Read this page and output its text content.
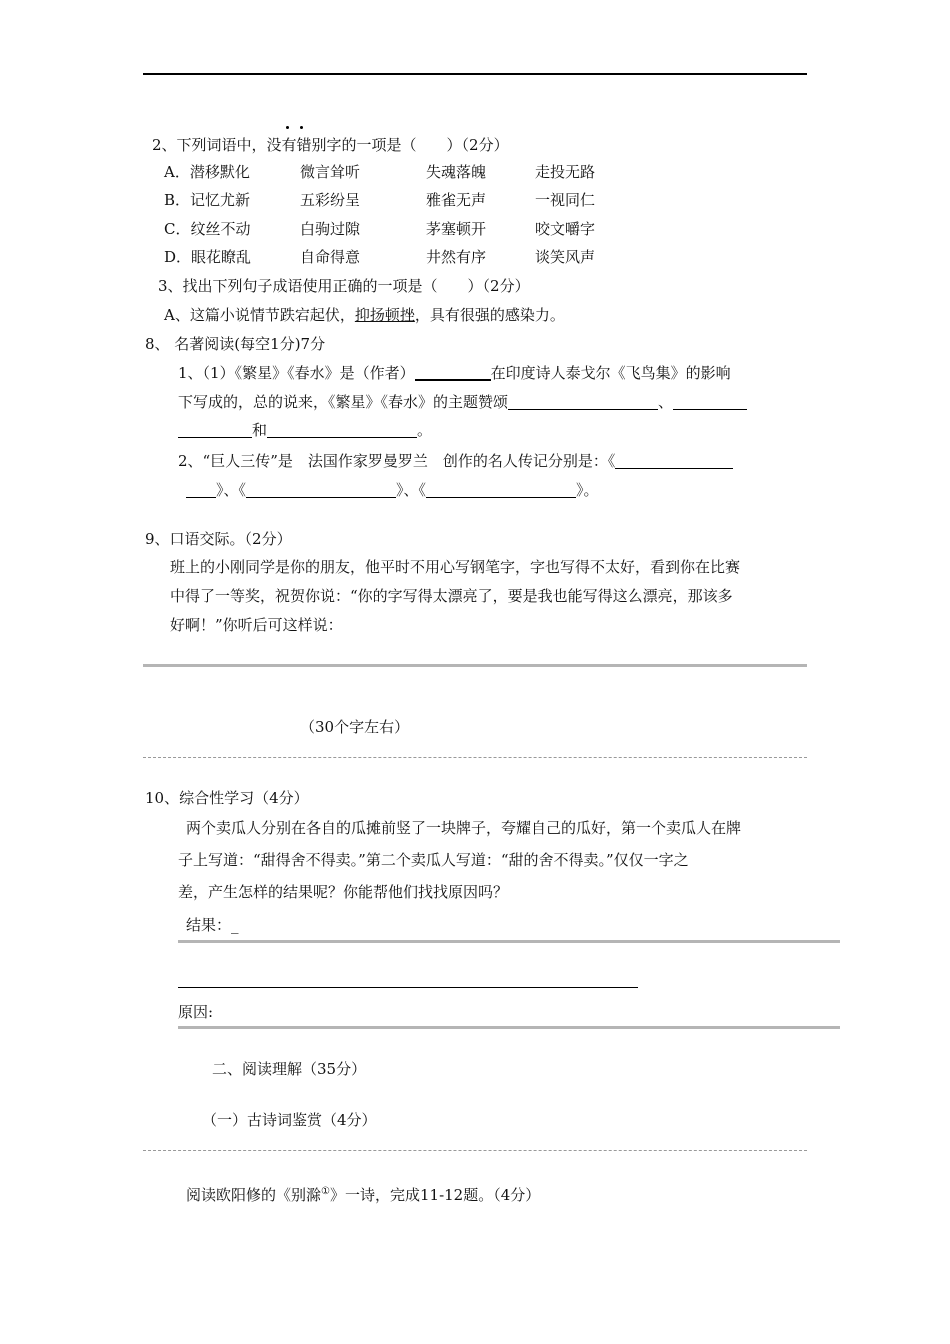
2、下列词语中，没有错别字的一项是（　　）（2分）
A．潜移默化	微言耸听	失魂落魄	走投无路
B．记忆尤新	五彩纷呈	雅雀无声	一视同仁
C．纹丝不动	白驹过隙	茅塞顿开	咬文嚼字
D．眼花瞭乱	自命得意	井然有序	谈笑风声
3、找出下列句子成语使用正确的一项是（　　）（2分）
A、这篇小说情节跌宕起伏，抑扬顿挫，具有很强的感染力。
8、 名著阅读(每空1分)7分
1、（1）《繁星》《春水》是（作者）	在印度诗人泰戈尔《飞鸟集》的影响
下写成的，总的说来，《繁星》《春水》的主题赞颂	、
和	。
2、“巨人三传”是　法国作家罗曼罗兰　创作的名人传记分别是：《
》、《	》、《	》。
9、口语交际。（2分）
班上的小刚同学是你的朋友，他平时不用心写钢笔字，字也写得不太好，看到你在比赛
中得了一等奖，祝贺你说：“你的字写得太漂亮了，要是我也能写得这么漂亮，那该多
好啊！”你听后可这样说：
（30个字左右）
10、综合性学习（4分）
两个卖瓜人分别在各自的瓜摊前竖了一块牌子，夸耀自己的瓜好，第一个卖瓜人在牌
子上写道：“甜得舍不得卖。”第二个卖瓜人写道：“甜的舍不得卖。”仅仅一字之
差，产生怎样的结果呢？你能帮他们找找原因吗？
结果：_
原因:
二、阅读理解（35分）
（一）古诗词鉴赏（4分）
阅读欧阳修的《别滁①》一诗，完成11-12题。（4分）
